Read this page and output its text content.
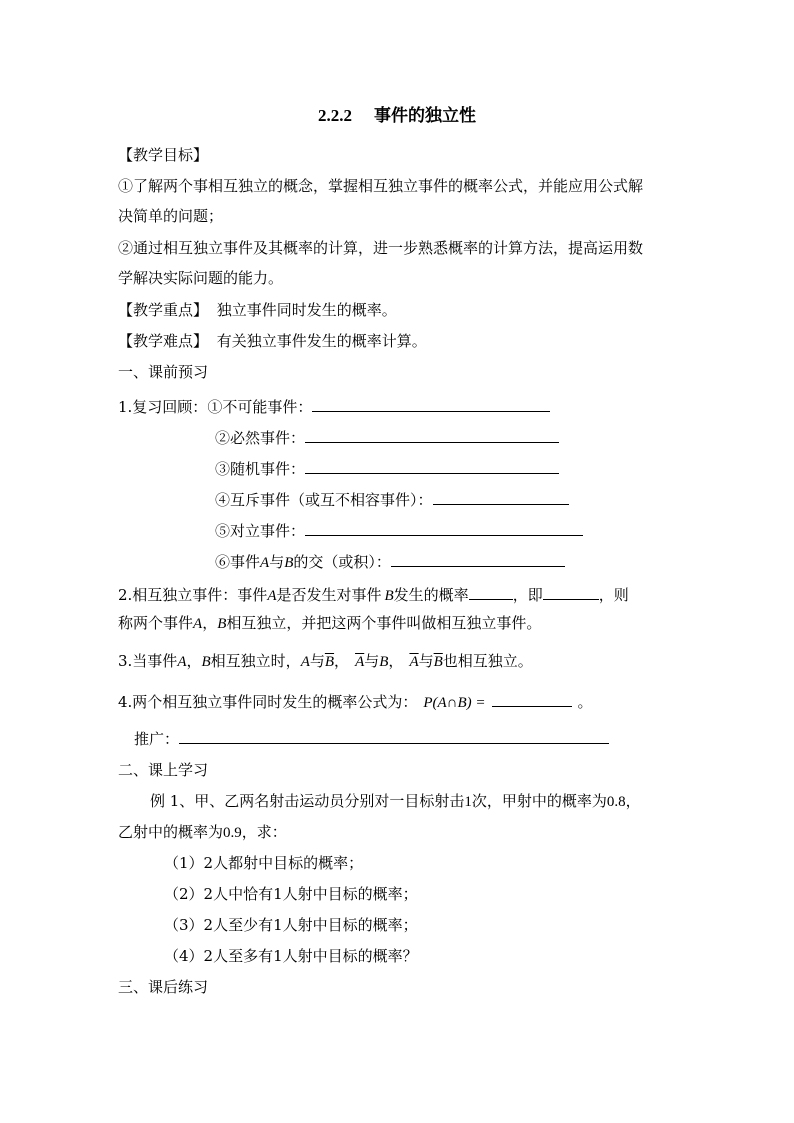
2.2.2 事件的独立性
【教学目标】
①了解两个事相互独立的概念，掌握相互独立事件的概率公式，并能应用公式解
决简单的问题；
②通过相互独立事件及其概率的计算，进一步熟悉概率的计算方法，提高运用数
学解决实际问题的能力。
【教学重点】 独立事件同时发生的概率。
【教学难点】 有关独立事件发生的概率计算。
一、课前预习
1.复习回顾：①不可能事件：
②必然事件：
③随机事件：
④互斥事件（或互不相容事件）：
⑤对立事件：
⑥事件A与B的交（或积）：
2.相互独立事件：事件A是否发生对事件 B发生的概率	，即	，则
称两个事件A，B相互独立，并把这两个事件叫做相互独立事件。
3.当事件A，B相互独立时，A与$\overline{B}$， $\overline{A}$与B， $\overline{A}$与$\overline{B}$也相互独立。
4.两个相互独立事件同时发生的概率公式为： P(A∩B) =	。
推广：
二、课上学习
例 1、甲、乙两名射击运动员分别对一目标射击1次，甲射中的概率为0.8，
乙射中的概率为0.9，求：
（1）2人都射中目标的概率；
（2）2人中恰有1人射中目标的概率；
（3）2人至少有1人射中目标的概率；
（4）2人至多有1人射中目标的概率？
三、课后练习
